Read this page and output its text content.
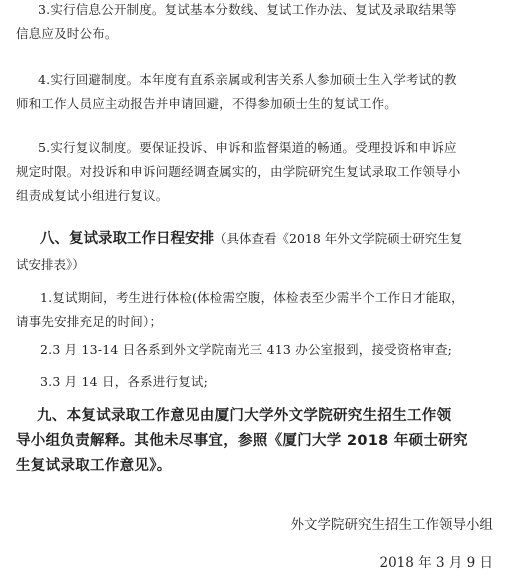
3.实行信息公开制度。复试基本分数线、复试工作办法、复试及录取结果等
信息应及时公布。

4.实行回避制度。本年度有直系亲属或利害关系人参加硕士生入学考试的教
师和工作人员应主动报告并申请回避，不得参加硕士生的复试工作。

5.实行复议制度。要保证投诉、申诉和监督渠道的畅通。受理投诉和申诉应
规定时限。对投诉和申诉问题经调查属实的，由学院研究生复试录取工作领导小
组责成复试小组进行复议。

八、复试录取工作日程安排（具体查看《2018 年外文学院硕士研究生复
试安排表》）

1.复试期间，考生进行体检(体检需空腹，体检表至少需半个工作日才能取，
请事先安排充足的时间）；

2.3 月 13-14 日各系到外文学院南光三 413 办公室报到，接受资格审查;

3.3 月 14 日，各系进行复试;

九、本复试录取工作意见由厦门大学外文学院研究生招生工作领
导小组负责解释。其他未尽事宜，参照《厦门大学 2018 年硕士研究
生复试录取工作意见》。

外文学院研究生招生工作领导小组

2018 年 3 月 9 日
